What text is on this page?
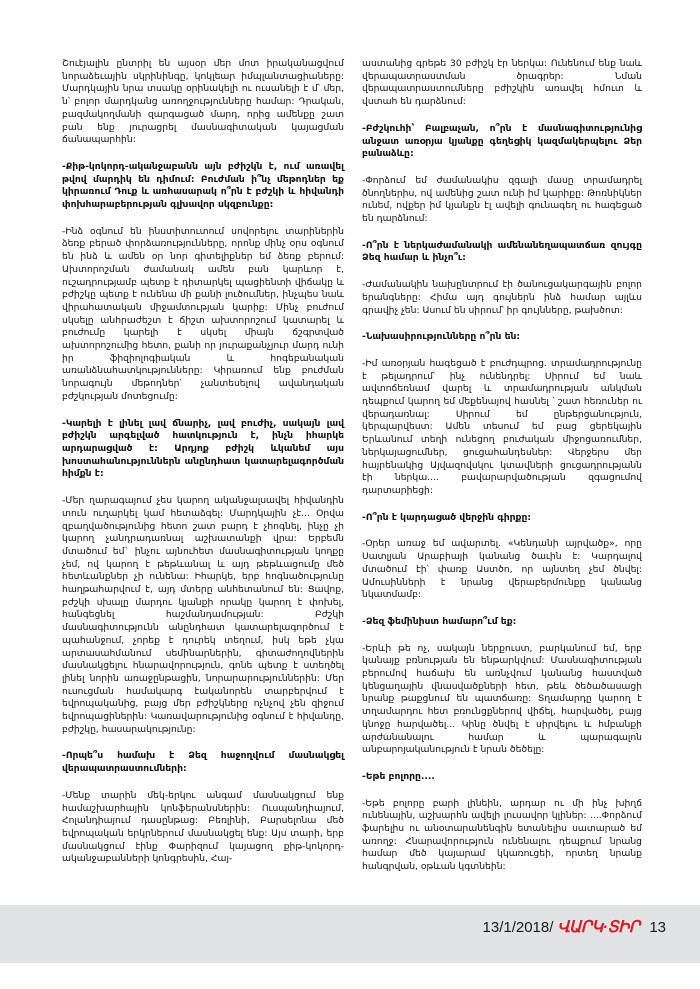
Շուէյալին ընտրիլ են այսօր մեր մոտ իրականացվում նորաձեւային սկրինինգը, կոկլեար իմպլանտացիաները: Մարդկային նրա տսակը օրինակելի ու ուսանելի է մ՝ մեր, ն՝ բոլոր մարդկանց առողջությունները համար: Դրական, բազմակողմանի զարգացած մարդ, որից ամենքը շատ բան ենք յուրացրել մասնագիտական կայացման ճանապարհին:

-Քիթ-կոկորդ-ականջաբանն այն բժիշկն է, ում առավել թվով մարդիկ են դիմում: Բուժման ի՞նչ մեթոդներ եք կիրառում Դուք և առհասարակ ո՞րն է բժշկի և հիվանդի փոխհարաբերության գլխավոր սկզբունքը:

-Ինձ օգնում են ինստիտուտում սովորելու տարիներին ձեռք բերած փորձառությունները, որոնք մինչ օրս օգնում են ինձ և ամեն օր նոր գիտելիքներ եմ ձեռք բերում: Ախտորոշման ժամանակ ամեն բան կարևոր է, ուշադրությամբ պետք է դիտարկել պացիենտի վիճակը և բժիշկը պետք է ունենա մի քանի լուծումներ, ինչպես նաև վիրահատական միջամտության կարիք: Մինչ բուժում սկսելը անհրաժեշտ է ճիշտ ախտորոշում կատարել և բուժումը կարելի է սկսել միայն ճշգրտված ախտորոշումից հետո, քանի որ յուրաքանչյուր մարդ ունի իր ֆիզիոլոգիական և հոգեբանական առանձնահատկությունները: Կիրառում ենք բուժման նորագույն մեթոդներ՝ չանտեսելով ավանդական բժշկության մոտեցումը:

-Կարելի է լինել լավ ճնարիչ, լավ բուժիչ, սակայն լավ բժիշկն արգելված հատկություն է, ինչն իհարկե արդարացված է: Արդյոք բժիշկ ևկանեմ այս խոստահանություններն անընդհատ կատարելագործման հիմքն է:

-Մեր ղարագայում չես կարող ականջալսավել հիվանդին տուն ուղարկել կամ հետաձգել: Մարդկային չէ... Օրվա զբաղվածությունից հետո շատ բարդ է չհոգնել, ինչը չի կարող չանդրադառնալ աշխատանքի վրա: Երբեմն մտածում եմ` ինչու այնուհետ մասնագիտության կողքը չեմ, ով կարող է թեթևանալ և այդ թեթևացումը մեծ հետևանքներ չի ունենա: Իհարկե, երբ հոգնածությունը հաղթահարվում է, այդ մտերը անհետանում են: Ցավոք, բժշկի սխալը մարդու կյանքի որակը կարող է փոխել, հանգեցնել հաշմանդամության: Բժշկի մասնագիտությունն անընդհատ կատարելագործում է պահանջում, չորեք է դուրեկ տեղում, իսկ եթե չկա արտասահմանում սեմինարներին, գիտաժողովներին մասնակցելու հնարավորություն, գոնե պետք է ստեղծել լինել նորին առաջընթացին, նորարարություններին: Մեր ուսուցման համակարգ էականորեն տարբերվում է եվրոպականից, բայց մեր բժիշկները ոչնչով չեն զիջում եվրոպացիներին: Կառավարությունից օգնում է հիվանդը, բժիշկը, հասարակությունը:

-Որպե՞ս համախ է Ձեզ հաջողվում մասնակցել վերապատրաստումների:

-Մենք տարին մեկ-երկու անգամ մասնակցում ենք համաշխարհային կոնֆերանսներին: Ուսպանդիայում, Հոլանդիայում դասընթաց: Բեռլինի, Բարսելոնա մեծ եվրոպական երկրներում մասնակցել ենք: Այս տարի, երբ մասնակցում էինք Փարիզում կայացող քիթ-կոկորդ-ականջաբանների կոնգրեսին, Հայ-

աստանից գրեթե 30 բժիշկ էր ներկա: Ունենում ենք նաև վերապատրաստման ծրագրեր: Նման վերապատրաստումները բժիշկին առավել հմուտ և վստահ են դարձնում:

-Բժշկուհի՝ Բալբաչան, ո՞րն է մասնագիտությունից անջատ առօրյա կյանքը գեղեցիկ կազմակերպելու Ձեր բանաձևը:

-Փորձում եմ ժամանակիս զգալի մասը տրամադրել ծնողներիս, ով ամենից շատ ունի իմ կարիքը: Թոռնիկներ ունեմ, ովքեր իմ կյանքն էլ ավելի գունագեղ ու հագեցած են դարձնում:

-Ո՞րն է ներկաժամանակի ամենանեղապատճառ զույգը Ձեզ համար և ինչո՞ւ:

-Ժամանակին նախընտրում էի ծանուցակարգային բոլոր երանգները: Հիմա այդ գույներն ինձ համար այլևս գրավիչ չեն: Ասում են սիրում՝ իր գույնները, թախծոտ:

-Նախասիրությունները ո՞րն են:

-Իմ առօրյան հագեցած է բուժդպրոց. տրամադրությունը է թելադրում՝ ինչ ունենդրել: Սիրում եմ նաև ավտոճեռնամ վարել և տրամադրության անկման դեպքում կարող եմ մեքենայով հասնել ՝ շատ հեռուներ ու վերադառնալ: Սիրում եմ ընթերցանություն, կերպարվեստ: Ամեն տեսում եմ բաց ցերեկային Երևանում տեղի ունեցող բուժական միջոցառումներ, ներկայացումներ, ցուցահանդեսներ: Վերջերս մեր հայրենակից Այվազովսկու կտավների ցուցադրությանն էի ներկա.... բավարարվածության զգացումով դարտարիեցի:

-Ո՞րն է կարդացած վերջին գիրքը:

-Օրեր առաջ եմ ավարտել. «Կենդանի այրվածք», որը Սատլյան Արաբիայի կանանց ծաւին է: Կարդալով մտածում էի՝ փառք Աստծո, որ այնտեղ չեմ ծնվել: Ամուսինների է նրանց վերաբերմունքը կանանց նկատմամբ:

-Ձեզ ֆեմինիստ համարո՞ւմ եք:

-Երևի թե ոչ, սակայն ներքուստ, բարկանում եմ, երբ կանայք բռնության են ենթարկվում: Մասնագիտության բերումով հաճախ են առնչվում կանանց հաստված կենցաղային վնասվածքների հետ, թեև ծեծածասացի նրանք թաքցնում են պատճառը: Տղամարդը կարող է տղամարդու հետ բռունցքներով վիճել, հարվածել, բայց կնոջը հարվածել... Կինը ծնվել է սիրվելու և հմբանքի արժանանալու համար և պարագալոն անբարոյականություն է նրան ծեծելը:

-Եթե բոլորը....

-Եթե բոլորը բարի լինեին, արդար ու մի ինչ խիղճ ունենային, աշխարհն ավելի լուսավոր կլիներ: ....Փորձում ֆարելիս ու անօտարանենգին ետանելիս սատարած եմ առողջ: Հնարավորություն ունենալու դեպքում նրանց համար մեծ կայարամ կկառուցեի, որտեղ նրանք հանգրվան, օթևան կգտնեին:

13/1/2018/ ՎԱՐԿ·ՏԻՐ 13
